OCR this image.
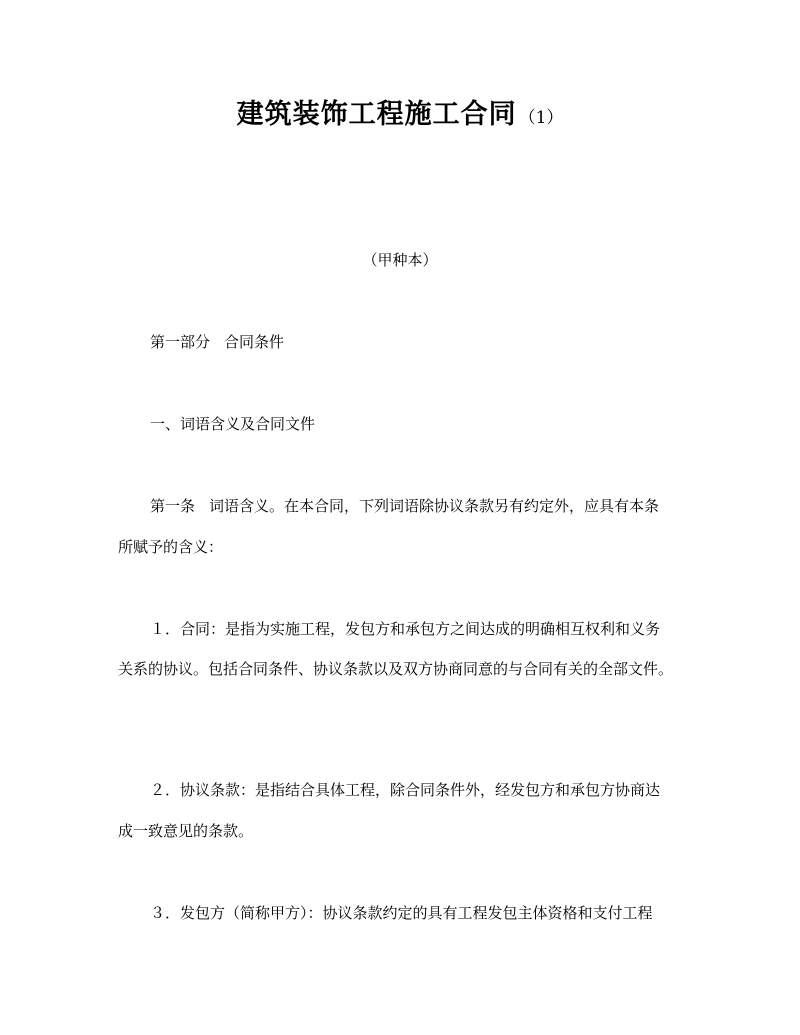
建筑装饰工程施工合同 （1）
（甲种本）
第一部分 合同条件
一、词语含义及合同文件
第一条 词语含义。在本合同，下列词语除协议条款另有约定外，应具有本条
所赋予的含义：
１．合同：是指为实施工程，发包方和承包方之间达成的明确相互权利和义务
关系的协议。包括合同条件、协议条款以及双方协商同意的与合同有关的全部文件。
２．协议条款：是指结合具体工程，除合同条件外，经发包方和承包方协商达
成一致意见的条款。
３．发包方（简称甲方）：协议条款约定的具有工程发包主体资格和支付工程
